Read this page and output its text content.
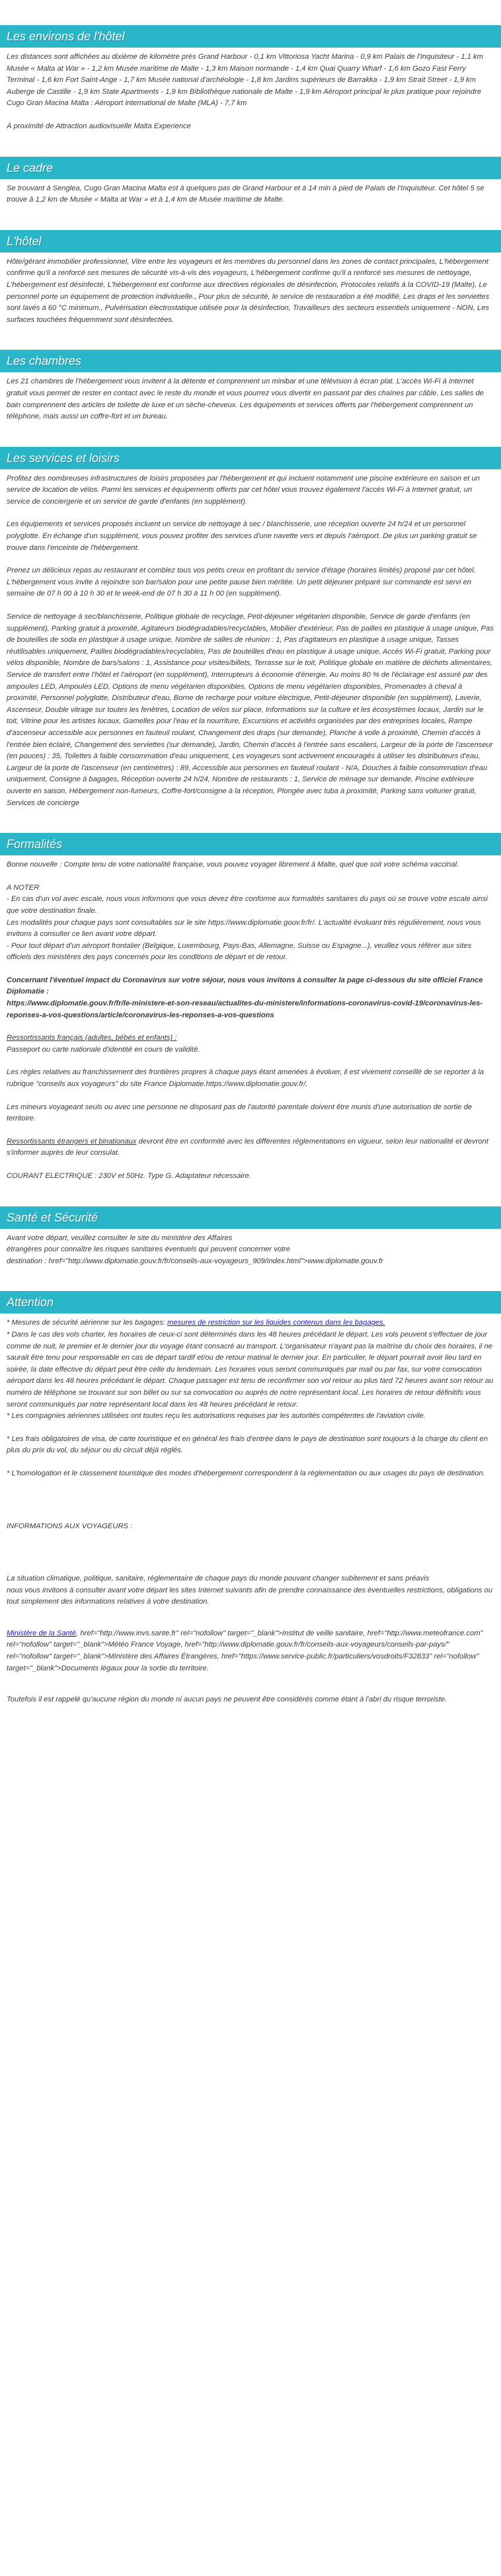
Les environs de l'hôtel
Les distances sont affichées au dixième de kilomètre près Grand Harbour - 0,1 km Vittoriosa Yacht Marina - 0,9 km Palais de l'Inquisiteur - 1,1 km Musée « Malta at War » - 1,2 km Musée maritime de Malte - 1,3 km Maison normande - 1,4 km Quai Quarry Wharf - 1,6 km Gozo Fast Ferry Terminal - 1,6 km Fort Saint-Ange - 1,7 km Musée national d'archéologie - 1,8 km Jardins supérieurs de Barrakka - 1,9 km Strait Street - 1,9 km Auberge de Castille - 1,9 km State Apartments - 1,9 km Bibliothèque nationale de Malte - 1,9 km Aéroport principal le plus pratique pour rejoindre Cugo Gran Macina Malta : Aéroport international de Malte (MLA) - 7,7 km
À proximité de Attraction audiovisuelle Malta Experience
Le cadre
Se trouvant à Senglea, Cugo Gran Macina Malta est à quelques pas de Grand Harbour et à 14 min à pied de Palais de l'Inquisiteur. Cet hôtel 5 se trouve à 1,2 km de Musée « Malta at War » et à 1,4 km de Musée maritime de Malte.
L'hôtel
Hôte/gérant immobilier professionnel, Vitre entre les voyageurs et les membres du personnel dans les zones de contact principales, L'hébergement confirme qu'il a renforcé ses mesures de sécurité vis-à-vis des voyageurs, L'hébergement confirme qu'il a renforcé ses mesures de nettoyage, L'hébergement est désinfecté, L'hébergement est conforme aux directives régionales de désinfection, Protocoles relatifs à la COVID-19 (Malte), Le personnel porte un équipement de protection individuelle., Pour plus de sécurité, le service de restauration a été modifié, Les draps et les serviettes sont lavés à 60 °C minimum., Pulvérisation électrostatique utilisée pour la désinfection, Travailleurs des secteurs essentiels uniquement - NON, Les surfaces touchées fréquemment sont désinfectées.
Les chambres
Les 21 chambres de l'hébergement vous invitent à la détente et comprennent un minibar et une télévision à écran plat. L'accès Wi-Fi à Internet gratuit vous permet de rester en contact avec le reste du monde et vous pourrez vous divertir en passant par des chaînes par câble. Les salles de bain comprennent des articles de toilette de luxe et un sèche-cheveux. Les équipements et services offerts par l'hébergement comprennent un téléphone, mais aussi un coffre-fort et un bureau.
Les services et loisirs
Profitez des nombreuses infrastructures de loisirs proposées par l'hébergement et qui incluent notamment une piscine extérieure en saison et un service de location de vélos. Parmi les services et équipements offerts par cet hôtel vous trouvez également l'accès Wi-Fi à Internet gratuit, un service de conciergerie et un service de garde d'enfants (en supplément).
Les équipements et services proposés incluent un service de nettoyage à sec / blanchisserie, une réception ouverte 24 h/24 et un personnel polyglotte. En échange d'un supplément, vous pouvez profiter des services d'une navette vers et depuis l'aéroport. De plus un parking gratuit se trouve dans l'enceinte de l'hébergement.
Prenez un délicieux repas au restaurant et comblez tous vos petits creux en profitant du service d'étage (horaires limités) proposé par cet hôtel. L'hébergement vous invite à rejoindre son bar/salon pour une petite pause bien méritée. Un petit déjeuner préparé sur commande est servi en semaine de 07 h 00 à 10 h 30 et le week-end de 07 h 30 à 11 h 00 (en supplément).
Service de nettoyage à sec/blanchisserie, Politique globale de recyclage, Petit-déjeuner végétarien disponible, Service de garde d'enfants (en supplément), Parking gratuit à proximité, Agitateurs biodégradables/recyclables, Mobilier d'extérieur, Pas de pailles en plastique à usage unique, Pas de bouteilles de soda en plastique à usage unique, Nombre de salles de réunion : 1, Pas d'agitateurs en plastique à usage unique, Tasses réutilisables uniquement, Pailles biodégradables/recyclables, Pas de bouteilles d'eau en plastique à usage unique, Accès Wi-Fi gratuit, Parking pour vélos disponible, Nombre de bars/salons : 1, Assistance pour visites/billets, Terrasse sur le toit, Politique globale en matière de déchets alimentaires, Service de transfert entre l'hôtel et l'aéroport (en supplément), Interrupteurs à économie d'énergie, Au moins 80 % de l'éclairage est assuré par des ampoules LED, Ampoules LED, Options de menu végétarien disponibles, Options de menu végétarien disponibles, Promenades à cheval à proximité, Personnel polyglotte, Distributeur d'eau, Borne de recharge pour voiture électrique, Petit-déjeuner disponible (en supplément), Laverie, Ascenseur, Double vitrage sur toutes les fenêtres, Location de vélos sur place, Informations sur la culture et les écosystèmes locaux, Jardin sur le toit, Vitrine pour les artistes locaux, Gamelles pour l'eau et la nourriture, Excursions et activités organisées par des entreprises locales, Rampe d'ascenseur accessible aux personnes en fauteuil roulant, Changement des draps (sur demande), Planche à voile à proximité, Chemin d'accès à l'entrée bien éclairé, Changement des serviettes (sur demande), Jardin, Chemin d'accès à l'entrée sans escaliers, Largeur de la porte de l'ascenseur (en pouces) : 35, Toilettes à faible consommation d'eau uniquement, Les voyageurs sont activement encouragés à utiliser les distributeurs d'eau, Largeur de la porte de l'ascenseur (en centimètres) : 89, Accessible aux personnes en fauteuil roulant - N/A, Douches à faible consommation d'eau uniquement, Consigne à bagages, Réception ouverte 24 h/24, Nombre de restaurants : 1, Service de ménage sur demande, Piscine extérieure ouverte en saison, Hébergement non-fumeurs, Coffre-fort/consigne à la réception, Plongée avec tuba à proximité, Parking sans voiturier gratuit, Services de concierge
Formalités
Bonne nouvelle : Compte tenu de votre nationalité française, vous pouvez voyager librement à Malte, quel que soit votre schéma vaccinal.
A NOTER
- En cas d'un vol avec escale, nous vous informons que vous devez être conforme aux formalités sanitaires du pays où se trouve votre escale ainsi que votre destination finale.
Les modalités pour chaque pays sont consultables sur le site https://www.diplomatie.gouv.fr/fr/. L'actualité évoluant très régulièrement, nous vous invitons à consulter ce lien avant votre départ.
- Pour tout départ d'un aéroport frontalier (Belgique, Luxembourg, Pays-Bas, Allemagne, Suisse ou Espagne...), veuillez vous référer aux sites officiels des ministères des pays concernés pour les conditions de départ et de retour.
Concernant l'éventuel impact du Coronavirus sur votre séjour, nous vous invitons à consulter la page ci-dessous du site officiel France Diplomatie :
https://www.diplomatie.gouv.fr/fr/le-ministere-et-son-reseau/actualites-du-ministere/informations-coronavirus-covid-19/coronavirus-les-reponses-a-vos-questions/article/coronavirus-les-reponses-a-vos-questions
Ressortissants français (adultes, bébés et enfants) :
Passeport ou carte nationale d'identité en cours de validité.
Les règles relatives au franchissement des frontières propres à chaque pays étant amenées à évoluer, il est vivement conseillé de se reporter à la rubrique "conseils aux voyageurs" du site France Diplomatie.https://www.diplomatie.gouv.fr/.
Les mineurs voyageant seuls ou avec une personne ne disposant pas de l'autorité parentale doivent être munis d'une autorisation de sortie de territoire.
Ressortissants étrangers et binationaux devront être en conformité avec les différentes réglementations en vigueur, selon leur nationalité et devront s'informer auprès de leur consulat.
COURANT ELECTRIQUE : 230V et 50Hz. Type G. Adaptateur nécessaire.
Santé et Sécurité
Avant votre départ, veuillez consulter le site du ministère des Affaires
étrangères pour connaître les risques sanitaires éventuels qui peuvent concerner votre
destination : href="http://www.diplomatie.gouv.fr/fr/conseils-aux-voyageurs_909/index.html">www.diplomatie.gouv.fr
Attention
* Mesures de sécurité aérienne sur les bagages: mesures de restriction sur les liquides contenus dans les bagages.
* Dans le cas des vols charter, les horaires de ceux-ci sont déterminés dans les 48 heures précédant le départ. Les vols peuvent s'effectuer de jour comme de nuit, le premier et le dernier jour du voyage étant consacré au transport. L'organisateur n'ayant pas la maîtrise du choix des horaires, il ne saurait être tenu pour responsable en cas de départ tardif et/ou de retour matinal le dernier jour. En particulier, le départ pourrait avoir lieu tard en soirée, la date effective du départ peut être celle du lendemain. Les horaires vous seront communiqués par mail ou par fax, sur votre convocation aéroport dans les 48 heures précédant le départ. Chaque passager est tenu de reconfirmer son vol retour au plus tard 72 heures avant son retour au numéro de téléphone se trouvant sur son billet ou sur sa convocation ou auprès de notre représentant local. Les horaires de retour définitifs vous seront communiqués par notre représentant local dans les 48 heures précédant le retour.
* Les compagnies aériennes utilisées ont toutes reçu les autorisations requises par les autorités compétentes de l'aviation civile.
* Les frais obligatoires de visa, de carte touristique et en général les frais d'entrée dans le pays de destination sont toujours à la charge du client en plus du prix du vol, du séjour ou du circuit déjà réglés.
* L'homologation et le classement touristique des modes d'hébergement correspondent à la réglementation ou aux usages du pays de destination.
INFORMATIONS AUX VOYAGEURS :
La situation climatique, politique, sanitaire, réglementaire de chaque pays du monde pouvant changer subitement et sans préavis
nous vous invitons à consulter avant votre départ les sites Internet suivants afin de prendre connaissance des éventuelles restrictions, obligations ou tout simplement des informations relatives à votre destination.
Ministère de la Santé, href="http://www.invs.sante.fr" rel="nofollow" target="_blank">Institut de veille sanitaire, href="http://www.meteofrance.com" rel="nofollow" target="_blank">Météo France Voyage, href="http://www.diplomatie.gouv.fr/fr/conseils-aux-voyageurs/conseils-par-pays/" rel="nofollow" target="_blank">Ministère des Affaires Étrangères, href="https://www.service-public.fr/particuliers/vosdroits/F32833" rel="nofollow" target="_blank">Documents légaux pour la sortie du territoire.
Toutefois il est rappelé qu'aucune région du monde ni aucun pays ne peuvent être considérés comme étant à l'abri du risque terroriste.
